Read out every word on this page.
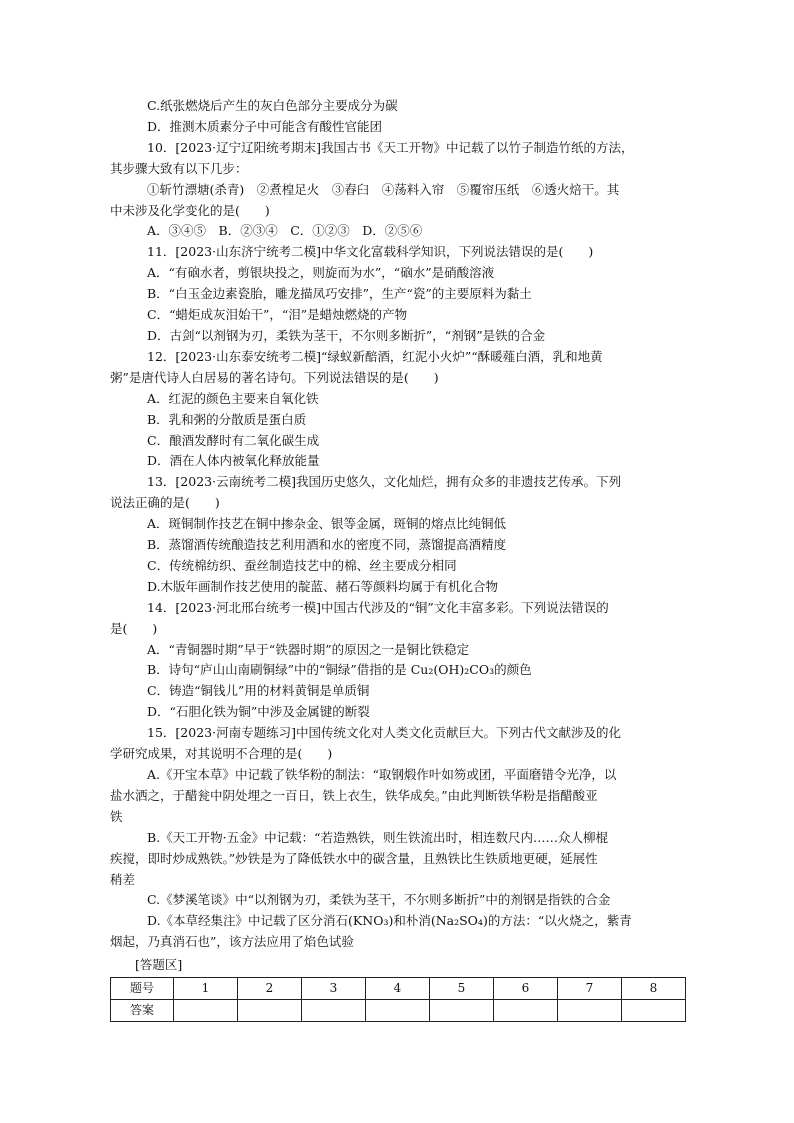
C.纸张燃烧后产生的灰白色部分主要成分为碳
D．推测木质素分子中可能含有酸性官能团
10．[2023·辽宁辽阳统考期末]我国古书《天工开物》中记载了以竹子制造竹纸的方法，
其步骤大致有以下几步：
①斩竹漂塘(杀青)　②煮楻足火　③舂臼　④荡料入帘　⑤覆帘压纸　⑥透火焙干。其
中未涉及化学变化的是(　　)
A．③④⑤　B．②③④　C．①②③　D．②⑤⑥
11．[2023·山东济宁统考二模]中华文化富载科学知识，下列说法错误的是(　　)
A．“有硇水者，剪银块投之，则旋而为水”，“硇水”是硝酸溶液
B．“白玉金边素瓷胎，雕龙描凤巧安排”，生产“瓷”的主要原料为黏土
C．“蜡炬成灰泪始干”，“泪”是蜡烛燃烧的产物
D．古剑“以剂钢为刃，柔铁为茎干，不尔则多断折”，“剂钢”是铁的合金
12．[2023·山东泰安统考二模]“绿蚁新醅酒，红泥小火炉”“酥暖薤白酒，乳和地黄
粥”是唐代诗人白居易的著名诗句。下列说法错误的是(　　)
A．红泥的颜色主要来自氧化铁
B．乳和粥的分散质是蛋白质
C．酿酒发酵时有二氧化碳生成
D．酒在人体内被氧化释放能量
13．[2023·云南统考二模]我国历史悠久，文化灿烂，拥有众多的非遗技艺传承。下列
说法正确的是(　　)
A．斑铜制作技艺在铜中掺杂金、银等金属，斑铜的熔点比纯铜低
B．蒸馏酒传统酿造技艺利用酒和水的密度不同，蒸馏提高酒精度
C．传统棉纺织、蚕丝制造技艺中的棉、丝主要成分相同
D.木版年画制作技艺使用的靛蓝、赭石等颜料均属于有机化合物
14．[2023·河北邢台统考一模]中国古代涉及的“铜”文化丰富多彩。下列说法错误的
是(　　)
A．“青铜器时期”早于“铁器时期”的原因之一是铜比铁稳定
B．诗句“庐山山南刷铜绿”中的“铜绿”借指的是 Cu₂(OH)₂CO₃的颜色
C．铸造“铜钱儿”用的材料黄铜是单质铜
D．“石胆化铁为铜”中涉及金属键的断裂
15．[2023·河南专题练习]中国传统文化对人类文化贡献巨大。下列古代文献涉及的化
学研究成果，对其说明不合理的是(　　)
A.《开宝本草》中记载了铁华粉的制法：“取钢煅作叶如笏或团，平面磨错令光净，以
盐水洒之，于醋瓮中阴处埋之一百日，铁上衣生，铁华成矣。”由此判断铁华粉是指醋酸亚
铁
B.《天工开物·五金》中记载：“若造熟铁，则生铁流出时，相连数尺内……众人柳棍
疾搅，即时炒成熟铁。”炒铁是为了降低铁水中的碳含量，且熟铁比生铁质地更硬，延展性
稍差
C.《梦溪笔谈》中“以剂钢为刃，柔铁为茎干，不尔则多断折”中的剂钢是指铁的合金
D.《本草经集注》中记载了区分消石(KNO₃)和朴消(Na₂SO₄)的方法：“以火烧之，紫青
烟起，乃真消石也”，该方法应用了焰色试验
[答题区]
题号	1	2	3	4	5	6	7	8
答案								
